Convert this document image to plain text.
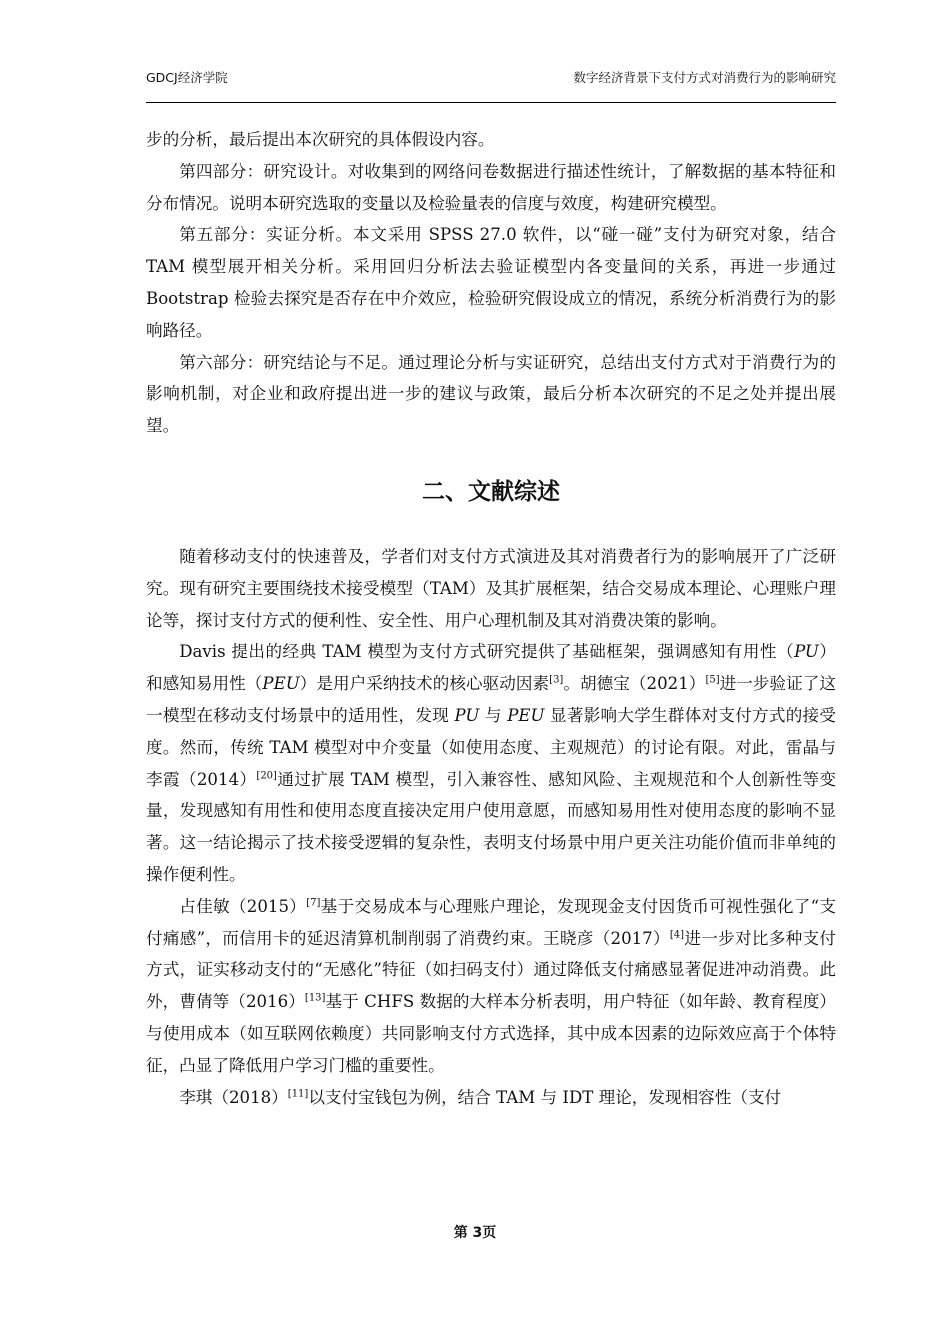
GDCJ经济学院	数字经济背景下支付方式对消费行为的影响研究

步的分析，最后提出本次研究的具体假设内容。

第四部分：研究设计。对收集到的网络问卷数据进行描述性统计，了解数据的基本特征和分布情况。说明本研究选取的变量以及检验量表的信度与效度，构建研究模型。

第五部分：实证分析。本文采用 SPSS 27.0 软件，以“碰一碰”支付为研究对象，结合 TAM 模型展开相关分析。采用回归分析法去验证模型内各变量间的关系，再进一步通过 Bootstrap 检验去探究是否存在中介效应，检验研究假设成立的情况，系统分析消费行为的影响路径。

第六部分：研究结论与不足。通过理论分析与实证研究，总结出支付方式对于消费行为的影响机制，对企业和政府提出进一步的建议与政策，最后分析本次研究的不足之处并提出展望。

二、文献综述

随着移动支付的快速普及，学者们对支付方式演进及其对消费者行为的影响展开了广泛研究。现有研究主要围绕技术接受模型（TAM）及其扩展框架，结合交易成本理论、心理账户理论等，探讨支付方式的便利性、安全性、用户心理机制及其对消费决策的影响。

Davis 提出的经典 TAM 模型为支付方式研究提供了基础框架，强调感知有用性（PU）和感知易用性（PEU）是用户采纳技术的核心驱动因素[3]。胡德宝（2021）[5]进一步验证了这一模型在移动支付场景中的适用性，发现 PU 与 PEU 显著影响大学生群体对支付方式的接受度。然而，传统 TAM 模型对中介变量（如使用态度、主观规范）的讨论有限。对此，雷晶与李霞（2014）[20]通过扩展 TAM 模型，引入兼容性、感知风险、主观规范和个人创新性等变量，发现感知有用性和使用态度直接决定用户使用意愿，而感知易用性对使用态度的影响不显著。这一结论揭示了技术接受逻辑的复杂性，表明支付场景中用户更关注功能价值而非单纯的操作便利性。

占佳敏（2015）[7]基于交易成本与心理账户理论，发现现金支付因货币可视性强化了“支付痛感”，而信用卡的延迟清算机制削弱了消费约束。王晓彦（2017）[4]进一步对比多种支付方式，证实移动支付的“无感化”特征（如扫码支付）通过降低支付痛感显著促进冲动消费。此外，曹倩等（2016）[13]基于 CHFS 数据的大样本分析表明，用户特征（如年龄、教育程度）与使用成本（如互联网依赖度）共同影响支付方式选择，其中成本因素的边际效应高于个体特征，凸显了降低用户学习门槛的重要性。

李琪（2018）[11]以支付宝钱包为例，结合 TAM 与 IDT 理论，发现相容性（支付

第 3页
